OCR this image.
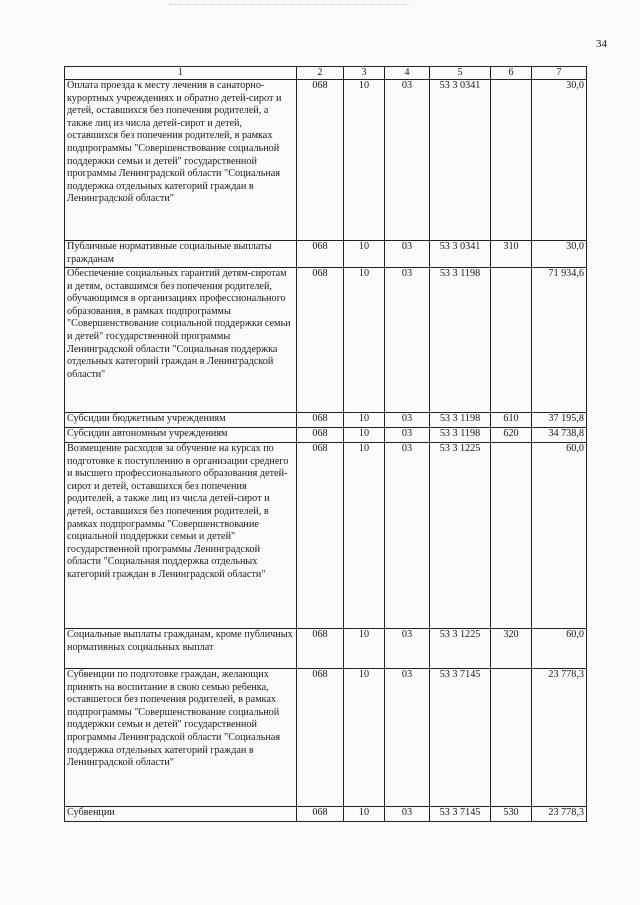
34
1	2	3	4	5	6	7
Оплата проезда к месту лечения в санаторно-курортных учреждениях и обратно детей-сирот и детей, оставшихся без попечения родителей, а также лиц из числа детей-сирот и детей, оставшихся без попечения родителей, в рамках подпрограммы "Совершенствование социальной поддержки семьи и детей" государственной программы Ленинградской области "Социальная поддержка отдельных категорий граждан в Ленинградской области"	068	10	03	53 3 0341		30,0
Публичные нормативные социальные выплаты гражданам	068	10	03	53 3 0341	310	30,0
Обеспечение социальных гарантий детям-сиротам и детям, оставшимся без попечения родителей, обучающимся в организациях профессионального образования, в рамках подпрограммы "Совершенствование социальной поддержки семьи и детей" государственной программы Ленинградской области "Социальная поддержка отдельных категорий граждан в Ленинградской области"	068	10	03	53 3 1198		71 934,6
Субсидии бюджетным учреждениям	068	10	03	53 3 1198	610	37 195,8
Субсидии автономным учреждениям	068	10	03	53 3 1198	620	34 738,8
Возмещение расходов за обучение на курсах по подготовке к поступлению в организации среднего и высшего профессионального образования детей-сирот и детей, оставшихся без попечения родителей, а также лиц из числа детей-сирот и детей, оставшихся без попечения родителей, в рамках подпрограммы "Совершенствование социальной поддержки семьи и детей" государственной программы Ленинградской области "Социальная поддержка отдельных категорий граждан в Ленинградской области"	068	10	03	53 3 1225		60,0
Социальные выплаты гражданам, кроме публичных нормативных социальных выплат	068	10	03	53 3 1225	320	60,0
Субвенции по подготовке граждан, желающих принять на воспитание в свою семью ребенка, оставшегося без попечения родителей, в рамках подпрограммы "Совершенствование социальной поддержки семьи и детей" государственной программы Ленинградской области "Социальная поддержка отдельных категорий граждан в Ленинградской области"	068	10	03	53 3 7145		23 778,3
Субвенции	068	10	03	53 3 7145	530	23 778,3
